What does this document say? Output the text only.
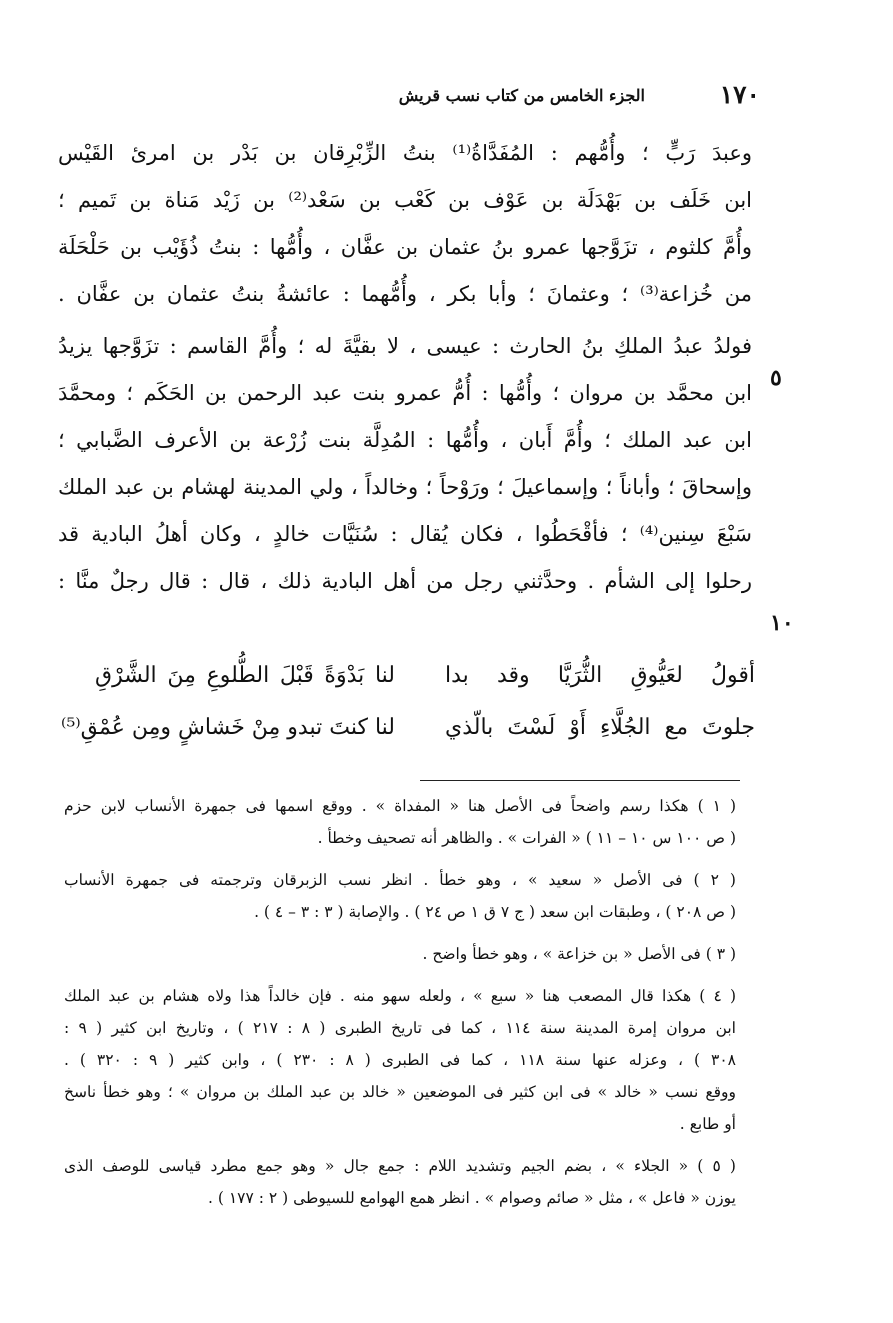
١٧٠
الجزء الخامس من كتاب نسب قريش
٥
١٠
وعبدَ رَبٍّ ؛ وأُمُّهم : المُفَدَّاةُ⁽¹⁾ بنتُ الزِّبْرِقان بن بَدْر بن امرئ القَيْس
ابن خَلَف بن بَهْدَلَة بن عَوْف بن كَعْب بن سَعْد⁽²⁾ بن زَيْد مَناة بن تَميم ؛
وأُمَّ كلثوم ، تزَوَّجها عمرو بنُ عثمان بن عفَّان ، وأُمُّها : بنتُ ذُؤَيْب بن حَلْحَلَة
من خُزاعة⁽³⁾ ؛ وعثمانَ ؛ وأبا بكر ، وأُمُّهما : عائشةُ بنتُ عثمان بن عفَّان .
فولدُ عبدُ الملكِ بنُ الحارث : عيسى ، لا بقيَّةَ له ؛ وأُمَّ القاسم : تزَوَّجها يزيدُ
ابن محمَّد بن مروان ؛ وأُمُّها : أُمُّ عمرو بنت عبد الرحمن بن الحَكَم ؛ ومحمَّدَ
ابن عبد الملك ؛ وأُمَّ أَبان ، وأُمُّها : المُدِلَّة بنت زُرْعة بن الأعرف الضَّبابي ؛
وإسحاقَ ؛ وأباناً ؛ وإسماعيلَ ؛ ورَوْحاً ؛ وخالداً ، ولي المدينة لهشام بن عبد الملك
سَبْعَ سِنين⁽⁴⁾ ؛ فأقْحَطُوا ، فكان يُقال : سُنَيَّات خالدٍ ، وكان أهلُ البادية قد
رحلوا إلى الشأم . وحدَّثني رجل من أهل البادية ذلك ، قال : قال رجلٌ منَّا :
أقولُ لعَيُّوقِ الثُّرَيَّا وقد بدا
لنا بَدْوَةً قَبْلَ الطُّلوعِ مِنَ الشَّرْقِ
جلوتَ مع الجُلَّاءِ أَوْ لَسْتَ بالّذي
لنا كنتَ تبدو مِنْ خَشاشٍ ومِن عُمْقِ⁽⁵⁾
( ١ ) هكذا رسم واضحاً فى الأصل هنا « المفداة » . ووقع اسمها فى جمهرة الأنساب لابن حزم
( ص ١٠٠ س ١٠ – ١١ ) « الفرات » . والظاهر أنه تصحيف وخطأ .
( ٢ ) فى الأصل « سعيد » ، وهو خطأ . انظر نسب الزبرقان وترجمته فى جمهرة الأنساب
( ص ٢٠٨ ) ، وطبقات ابن سعد ( ج ٧ ق ١ ص ٢٤ ) . والإصابة ( ٣ : ٣ – ٤ ) .
( ٣ ) فى الأصل « بن خزاعة » ، وهو خطأ واضح .
( ٤ ) هكذا قال المصعب هنا « سبع » ، ولعله سهو منه . فإن خالداً هذا ولاه هشام بن عبد الملك
ابن مروان إمرة المدينة سنة ١١٤ ، كما فى تاريخ الطبرى ( ٨ : ٢١٧ ) ، وتاريخ ابن كثير ( ٩ :
٣٠٨ ) ، وعزله عنها سنة ١١٨ ، كما فى الطبرى ( ٨ : ٢٣٠ ) ، وابن كثير ( ٩ : ٣٢٠ ) .
ووقع نسب « خالد » فى ابن كثير فى الموضعين « خالد بن عبد الملك بن مروان » ؛ وهو خطأ ناسخ
أو طابع .
( ٥ ) « الجلاء » ، بضم الجيم وتشديد اللام : جمع جال « وهو جمع مطرد قياسى للوصف الذى
يوزن « فاعل » ، مثل « صائم وصوام » . انظر همع الهوامع للسيوطى ( ٢ : ١٧٧ ) .
